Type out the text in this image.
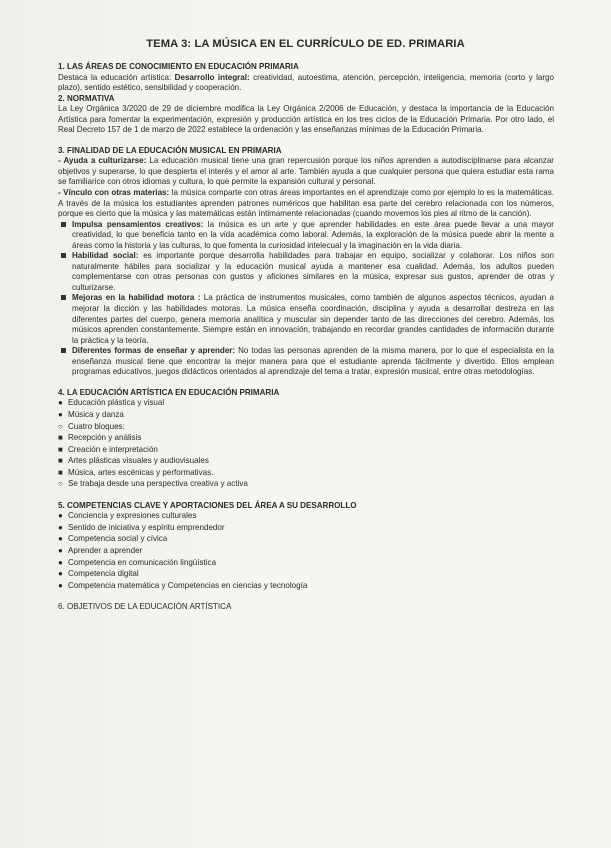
TEMA 3: LA MÚSICA EN EL CURRÍCULO DE ED. PRIMARIA

1. LAS ÁREAS DE CONOCIMIENTO EN EDUCACIÓN PRIMARIA

Destaca la educación artística: Desarrollo integral: creatividad, autoestima, atención, percepción, inteligencia, memoria (corto y largo plazo), sentido estético, sensibilidad y cooperación.

2. NORMATIVA

La Ley Orgánica 3/2020 de 29 de diciembre modifica la Ley Orgánica 2/2006 de Educación, y destaca la importancia de la Educación Artística para fomentar la experimentación, expresión y producción artística en los tres ciclos de la Educación Primaria. Por otro lado, el Real Decreto 157 de 1 de marzo de 2022 establece la ordenación y las enseñanzas mínimas de la Educación Primaria.

3. FINALIDAD DE LA EDUCACIÓN MUSICAL EN PRIMARIA

- Ayuda a culturizarse: La educación musical tiene una gran repercusión porque los niños aprenden a autodisciplinarse para alcanzar objetivos y superarse, lo que despierta el interés y el amor al arte. También ayuda a que cualquier persona que quiera estudiar esta rama se familiarice con otros idiomas y cultura, lo que permite la expansión cultural y personal.

- Vínculo con otras materias: la música comparte con otras áreas importantes en el aprendizaje como por ejemplo lo es la matemáticas. A través de la música los estudiantes aprenden patrones numéricos que habilitan esa parte del cerebro relacionada con los números, porque es cierto que la música y las matemáticas están íntimamente relacionadas (cuando movemos los pies al ritmo de la canción).

Impulsa pensamientos creativos: la música es un arte y que aprender habilidades en este área puede llevar a una mayor creatividad, lo que beneficia tanto en la vida académica como laboral. Además, la exploración de la música puede abrir la mente a áreas como la historia y las culturas, lo que fomenta la curiosidad intelecual y la imaginación en la vida diaria.

Habilidad social: es importante porque desarrolla habilidades para trabajar en equipo, socializar y colaborar. Los niños son naturalmente hábiles para socializar y la educación musical ayuda a mantener esa cualidad. Además, los adultos pueden complementarse con otras personas con gustos y aficiones similares en la música, expresar sus gustos, aprender de otras y culturizarse.

Mejoras en la habilidad motora : La práctica de instrumentos musicales, como también de algunos aspectos técnicos, ayudan a mejorar la dicción y las habilidades motoras. La música enseña coordinación, disciplina y ayuda a desarrollar destreza en las diferentes partes del cuerpo, genera memoria analítica y muscular sin depender tanto de las direcciones del cerebro. Además, los músicos aprenden constantemente. Siempre están en innovación, trabajando en recordar grandes cantidades de información durante la práctica y la teoría.

Diferentes formas de enseñar y aprender: No todas las personas aprenden de la misma manera, por lo que el especialista en la enseñanza musical tiene que encontrar la mejor manera para que el estudiante aprenda fácilmente y divertido. Ellos emplean programas educativos, juegos didácticos orientados al aprendizaje del tema a tratar, expresión musical, entre otras metodologías.

4. LA EDUCACIÓN ARTÍSTICA EN EDUCACIÓN PRIMARIA

● Educación plástica y visual
● Música y danza
○ Cuatro bloques:
■ Recepción y análisis
■ Creación e interpretación
■ Artes plásticas visuales y audiovisuales
■ Música, artes escénicas y performativas.
○ Se trabaja desde una perspectiva creativa y activa

5. COMPETENCIAS CLAVE Y APORTACIONES DEL ÁREA A SU DESARROLLO

● Conciencia y expresiones culturales
● Sentido de iniciativa y espíritu emprendedor
● Competencia social y cívica
● Aprender a aprender
● Competencia en comunicación lingüística
● Competencia digital
● Competencia matemática y Competencias en ciencias y tecnología

6. OBJETIVOS DE LA EDUCACIÓN ARTÍSTICA
